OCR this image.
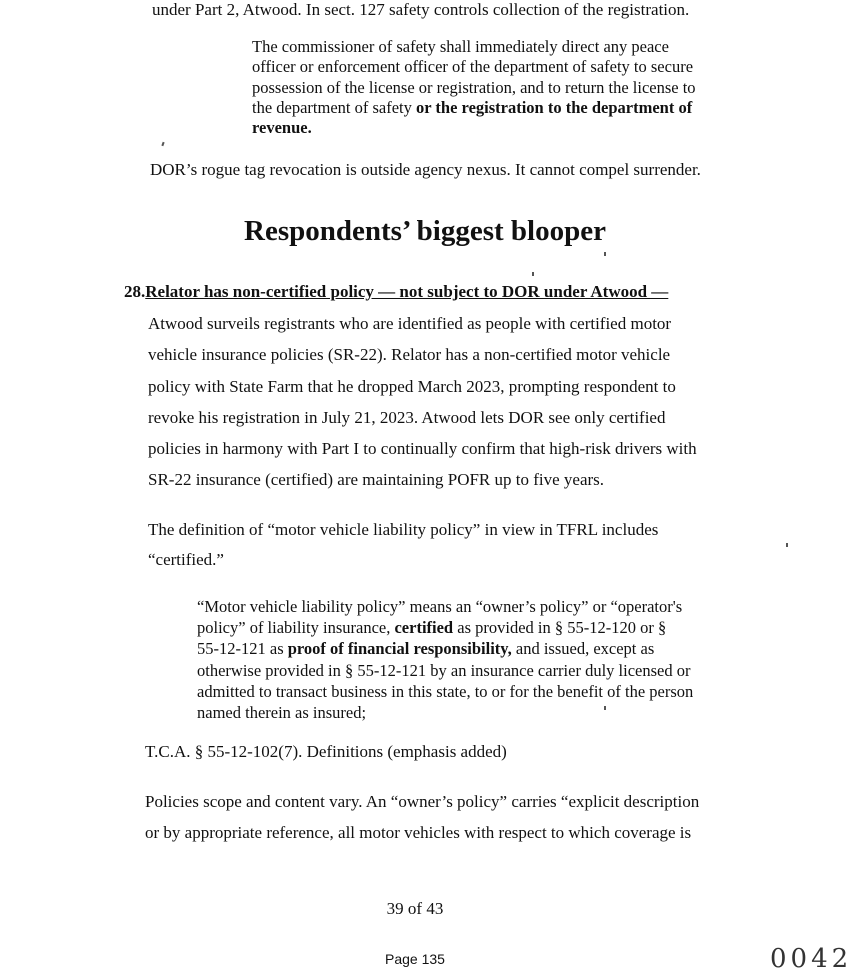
under Part 2, Atwood. In sect. 127 safety controls collection of the registration.
The commissioner of safety shall immediately direct any peace
officer or enforcement officer of the department of safety to secure
possession of the license or registration, and to return the license to
the department of safety or the registration to the department of
revenue.
DOR’s rogue tag revocation is outside agency nexus. It cannot compel surrender.
Respondents’ biggest blooper
28.Relator has non-certified policy — not subject to DOR under Atwood —
Atwood surveils registrants who are identified as people with certified motor
vehicle insurance policies (SR-22). Relator has a non-certified motor vehicle
policy with State Farm that he dropped March 2023, prompting respondent to
revoke his registration in July 21, 2023. Atwood lets DOR see only certified
policies in harmony with Part I to continually confirm that high-risk drivers with
SR-22 insurance (certified) are maintaining POFR up to five years.
The definition of “motor vehicle liability policy” in view in TFRL includes
“certified.”
“Motor vehicle liability policy” means an “owner’s policy” or “operator's
policy” of liability insurance, certified as provided in § 55-12-120 or §
55-12-121 as proof of financial responsibility, and issued, except as
otherwise provided in § 55-12-121 by an insurance carrier duly licensed or
admitted to transact business in this state, to or for the benefit of the person
named therein as insured;
T.C.A. § 55-12-102(7). Definitions (emphasis added)
Policies scope and content vary. An “owner’s policy” carries “explicit description
or by appropriate reference, all motor vehicles with respect to which coverage is
39 of 43
Page 135	0042
